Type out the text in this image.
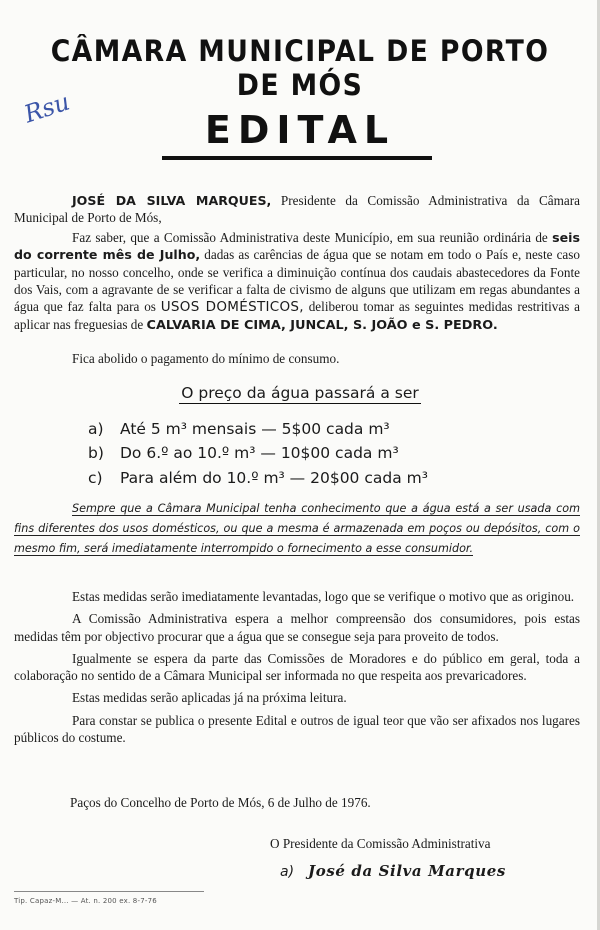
CÂMARA MUNICIPAL DE PORTO DE MÓS
Rsu	EDITAL
JOSÉ DA SILVA MARQUES, Presidente da Comissão Administrativa da Câmara Municipal de Porto de Mós,
Faz saber, que a Comissão Administrativa deste Município, em sua reunião ordinária de seis do corrente mês de Julho, dadas as carências de água que se notam em todo o País e, neste caso particular, no nosso concelho, onde se verifica a diminuição contínua dos caudais abastecedores da Fonte dos Vais, com a agravante de se verificar a falta de civismo de alguns que utilizam em regas abundantes a água que faz falta para os USOS DOMÉSTICOS, deliberou tomar as seguintes medidas restritivas a aplicar nas freguesias de CALVARIA DE CIMA, JUNCAL, S. JOÃO e S. PEDRO.
Fica abolido o pagamento do mínimo de consumo.
O preço da água passará a ser
a) Até 5 m³ mensais — 5$00 cada m³
b) Do 6.º ao 10.º m³ — 10$00 cada m³
c) Para além do 10.º m³ — 20$00 cada m³
Sempre que a Câmara Municipal tenha conhecimento que a água está a ser usada com fins diferentes dos usos domésticos, ou que a mesma é armazenada em poços ou depósitos, com o mesmo fim, será imediatamente interrompido o fornecimento a esse consumidor.

Estas medidas serão imediatamente levantadas, logo que se verifique o motivo que as originou.

A Comissão Administrativa espera a melhor compreensão dos consumidores, pois estas medidas têm por objectivo procurar que a água que se consegue seja para proveito de todos.

Igualmente se espera da parte das Comissões de Moradores e do público em geral, toda a colaboração no sentido de a Câmara Municipal ser informada no que respeita aos prevaricadores.

Estas medidas serão aplicadas já na próxima leitura.

Para constar se publica o presente Edital e outros de igual teor que vão ser afixados nos lugares públicos do costume.

Paços do Concelho de Porto de Mós, 6 de Julho de 1976.
O Presidente da Comissão Administrativa
a) José da Silva Marques
Tip. Capaz-M… — At. n. 200 ex. 8-7-76
